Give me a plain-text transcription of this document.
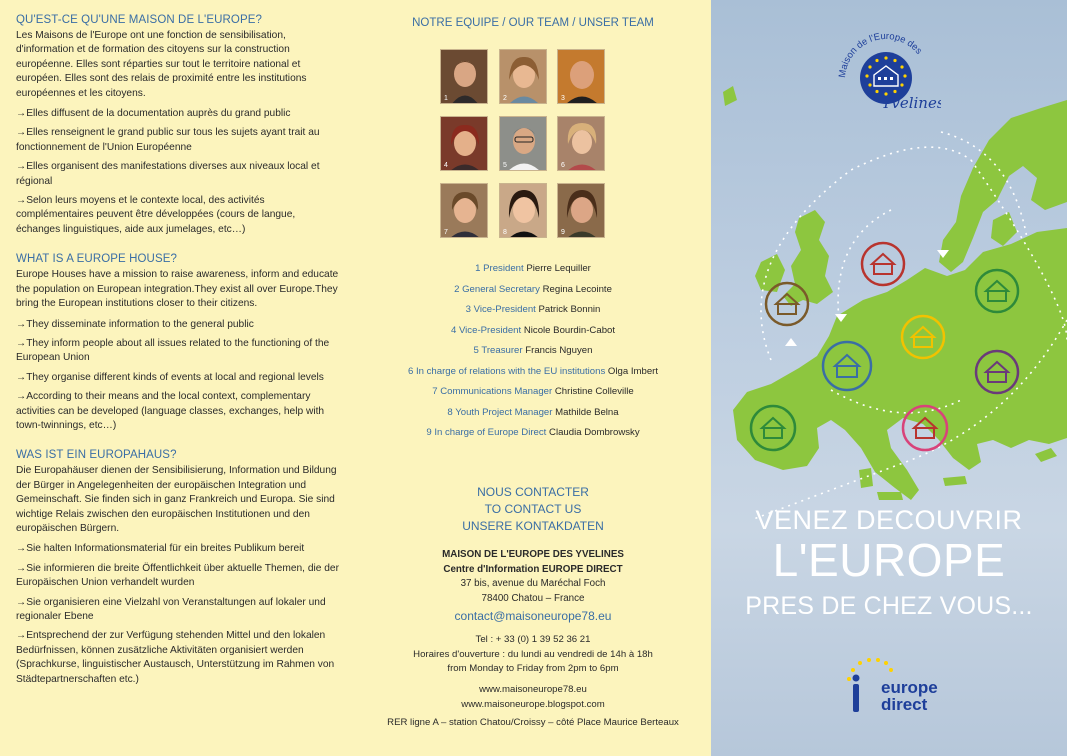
QU'EST-CE QU'UNE MAISON DE L'EUROPE?

Les Maisons de l'Europe ont une fonction de sensibilisation, d'information et de formation des citoyens sur la construction européenne. Elles sont réparties sur tout le territoire national et européen. Elles sont des relais de proximité entre les institutions européennes et les citoyens.

→Elles diffusent de la documentation auprès du grand public

→Elles renseignent le grand public sur tous les sujets ayant trait au fonctionnement de l'Union Européenne

→Elles organisent des manifestations diverses aux niveaux local et régional

→Selon leurs moyens et le contexte local, des activités complémentaires peuvent être développées (cours de langue, échanges linguistiques, aide aux jumelages, etc…)

WHAT IS A EUROPE HOUSE?

Europe Houses have a mission to raise awareness, inform and educate the population on European integration.They exist all over Europe.They bring the European institutions closer to their citizens.

→They disseminate information to the general public

→They inform people about all issues related to the functioning of the European Union

→They organise different kinds of events at local and regional levels

→According to their means and the local context, complementary activities can be developed (language classes, exchanges, help with town-twinnings, etc…)

WAS IST EIN EUROPAHAUS?

Die Europahäuser dienen der Sensibilisierung, Information und Bildung der Bürger in Angelegenheiten der europäischen Integration und Gemeinschaft. Sie finden sich in ganz Frankreich und Europa. Sie sind wichtige Relais zwischen den europäischen Institutionen und den europäischen Bürgern.

→Sie halten Informationsmaterial für ein breites Publikum bereit

→Sie informieren die breite Öffentlichkeit über aktuelle Themen, die der Europäischen Union verhandelt wurden

→Sie organisieren eine Vielzahl von Veranstaltungen auf lokaler und regionaler Ebene

→Entsprechend der zur Verfügung stehenden Mittel und den lokalen Bedürfnissen, können zusätzliche Aktivitäten organisiert werden (Sprachkurse, linguistischer Austausch, Unterstützung im Rahmen von Städtepartnerschaften etc.)

NOTRE EQUIPE / OUR TEAM / UNSER TEAM
1	2	3
4	5	6
7	8	9
1 President Pierre Lequiller
2 General Secretary Regina Lecointe
3 Vice-President Patrick Bonnin
4 Vice-President Nicole Bourdin-Cabot
5 Treasurer Francis Nguyen
6 In charge of relations with the EU institutions Olga Imbert
7 Communications Manager Christine Colleville
8 Youth Project Manager Mathilde Belna
9 In charge of Europe Direct Claudia Dombrowsky
NOUS CONTACTER
TO CONTACT US
UNSERE KONTAKDATEN
MAISON DE L'EUROPE DES YVELINES
Centre d'Information EUROPE DIRECT
37 bis, avenue du Maréchal Foch
78400 Chatou – France
contact@maisoneurope78.eu
Tel : + 33 (0) 1 39 52 36 21
Horaires d'ouverture : du lundi au vendredi de 14h à 18h
from Monday to Friday from 2pm to 6pm
www.maisoneurope78.eu
www.maisoneurope.blogspot.com
RER ligne A – station Chatou/Croissy – côté Place Maurice Berteaux
Maison de l'Europe des
Yvelines
VENEZ DECOUVRIR
L'EUROPE
PRES DE CHEZ VOUS...
europe
direct
